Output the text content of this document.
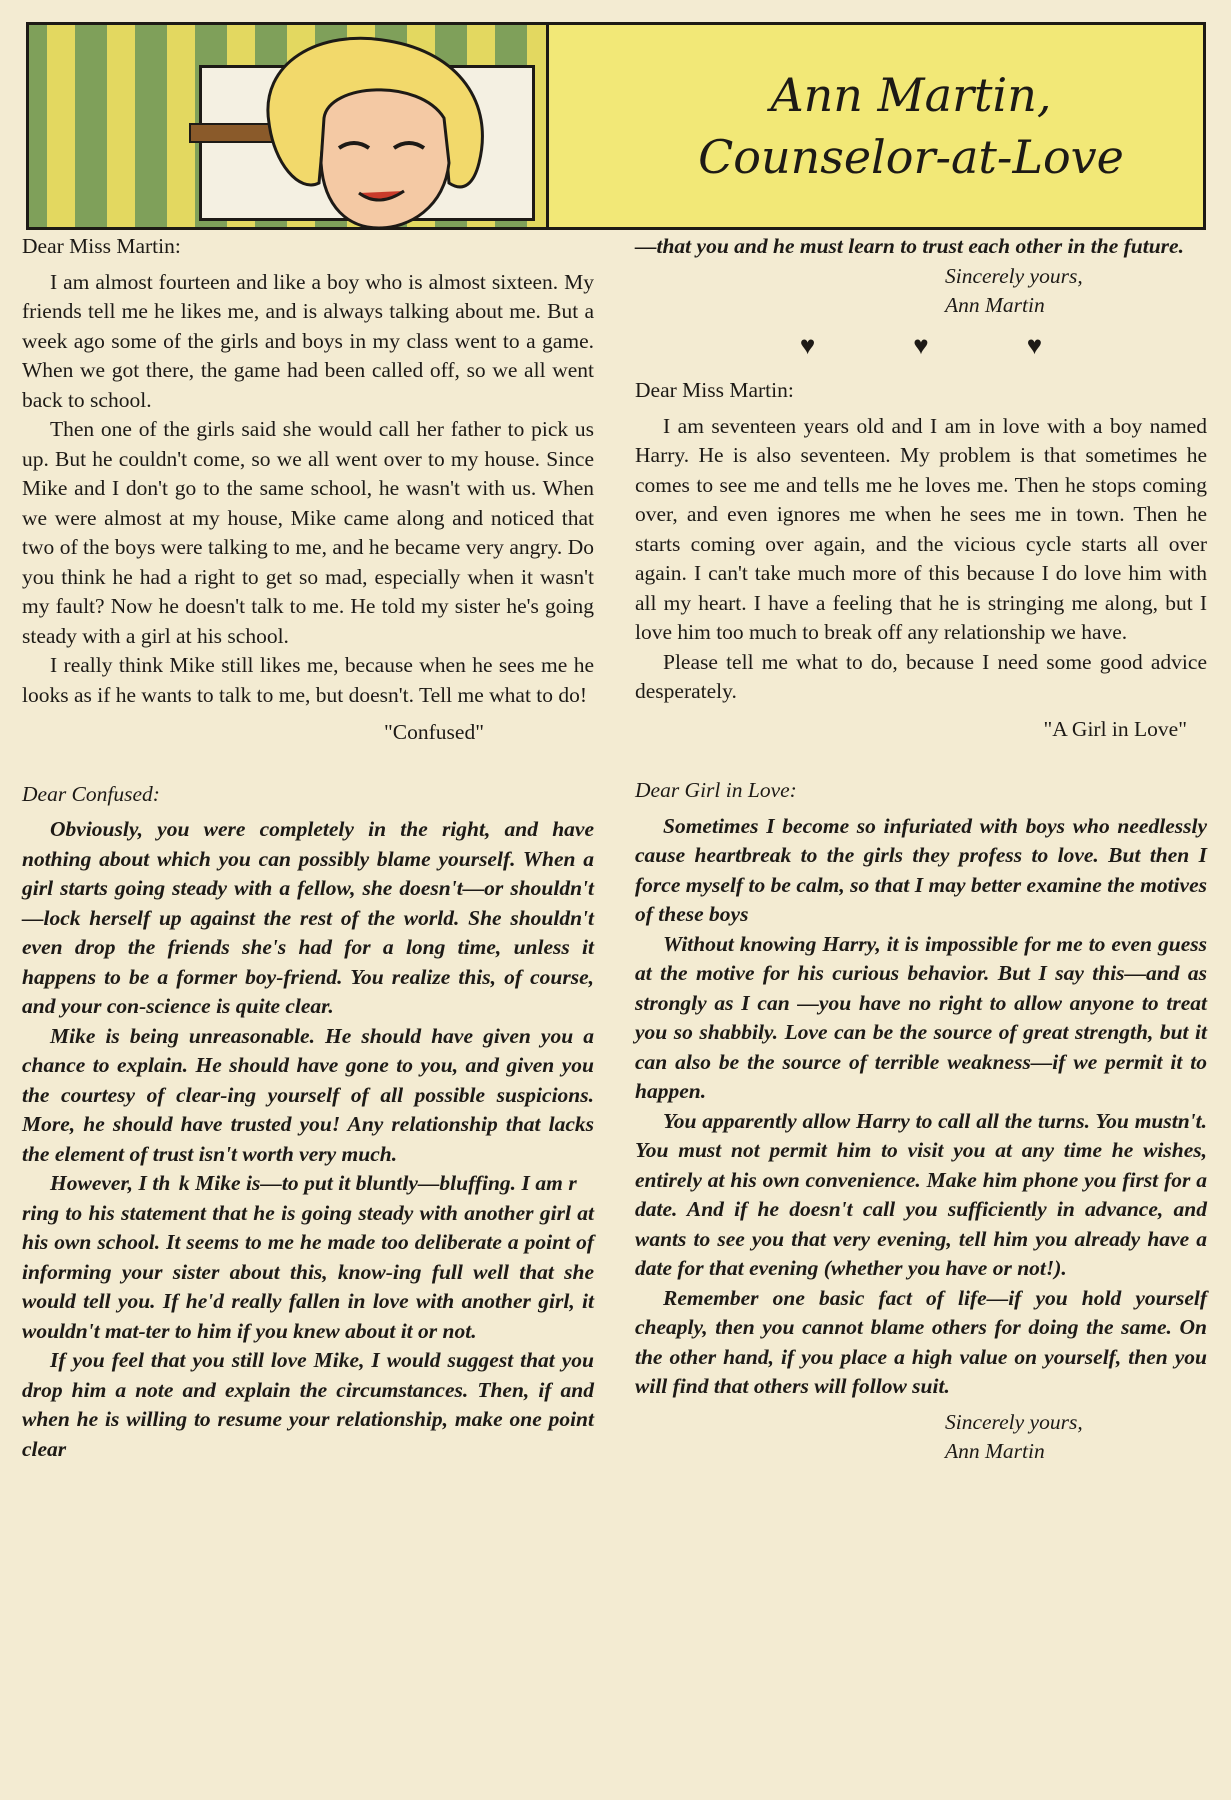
Ann Martin,
Counselor-at-Love

Dear Miss Martin:

I am almost fourteen and like a boy who is almost sixteen. My friends tell me he likes me, and is always talking about me. But a week ago some of the girls and boys in my class went to a game. When we got there, the game had been called off, so we all went back to school.

Then one of the girls said she would call her father to pick us up. But he couldn't come, so we all went over to my house. Since Mike and I don't go to the same school, he wasn't with us. When we were almost at my house, Mike came along and noticed that two of the boys were talking to me, and he became very angry. Do you think he had a right to get so mad, especially when it wasn't my fault? Now he doesn't talk to me. He told my sister he's going steady with a girl at his school.

I really think Mike still likes me, because when he sees me he looks as if he wants to talk to me, but doesn't. Tell me what to do!

"Confused"

Dear Confused:

Obviously, you were completely in the right, and have nothing about which you can possibly blame yourself. When a girl starts going steady with a fellow, she doesn't—or shouldn't—lock herself up against the rest of the world. She shouldn't even drop the friends she's had for a long time, unless it happens to be a former boy-friend. You realize this, of course, and your con-science is quite clear.

Mike is being unreasonable. He should have given you a chance to explain. He should have gone to you, and given you the courtesy of clear-ing yourself of all possible suspicions. More, he should have trusted you! Any relationship that lacks the element of trust isn't worth very much.

However, I th  k Mike is—to put it bluntly—bluffing. I am r    ring to his statement that he is going steady with another girl at his own school. It seems to me he made too deliberate a point of informing your sister about this, know-ing full well that she would tell you. If he'd really fallen in love with another girl, it wouldn't mat-ter to him if you knew about it or not.

If you feel that you still love Mike, I would suggest that you drop him a note and explain the circumstances. Then, if and when he is willing to resume your relationship, make one point clear

—that you and he must learn to trust each other in the future.

Sincerely yours,

Ann Martin

♥♥♥

Dear Miss Martin:

I am seventeen years old and I am in love with a boy named Harry. He is also seventeen. My problem is that sometimes he comes to see me and tells me he loves me. Then he stops coming over, and even ignores me when he sees me in town. Then he starts coming over again, and the vicious cycle starts all over again. I can't take much more of this because I do love him with all my heart. I have a feeling that he is stringing me along, but I love him too much to break off any relationship we have.

Please tell me what to do, because I need some good advice desperately.

"A Girl in Love"

Dear Girl in Love:

Sometimes I become so infuriated with boys who needlessly cause heartbreak to the girls they profess to love. But then I force myself to be calm, so that I may better examine the motives of these boys

Without knowing Harry, it is impossible for me to even guess at the motive for his curious behavior. But I say this—and as strongly as I can —you have no right to allow anyone to treat you so shabbily. Love can be the source of great strength, but it can also be the source of terrible weakness—if we permit it to happen.

You apparently allow Harry to call all the turns. You mustn't. You must not permit him to visit you at any time he wishes, entirely at his own convenience. Make him phone you first for a date. And if he doesn't call you sufficiently in advance, and wants to see you that very evening, tell him you already have a date for that evening (whether you have or not!).

Remember one basic fact of life—if you hold yourself cheaply, then you cannot blame others for doing the same. On the other hand, if you place a high value on yourself, then you will find that others will follow suit.

Sincerely yours,

Ann Martin
